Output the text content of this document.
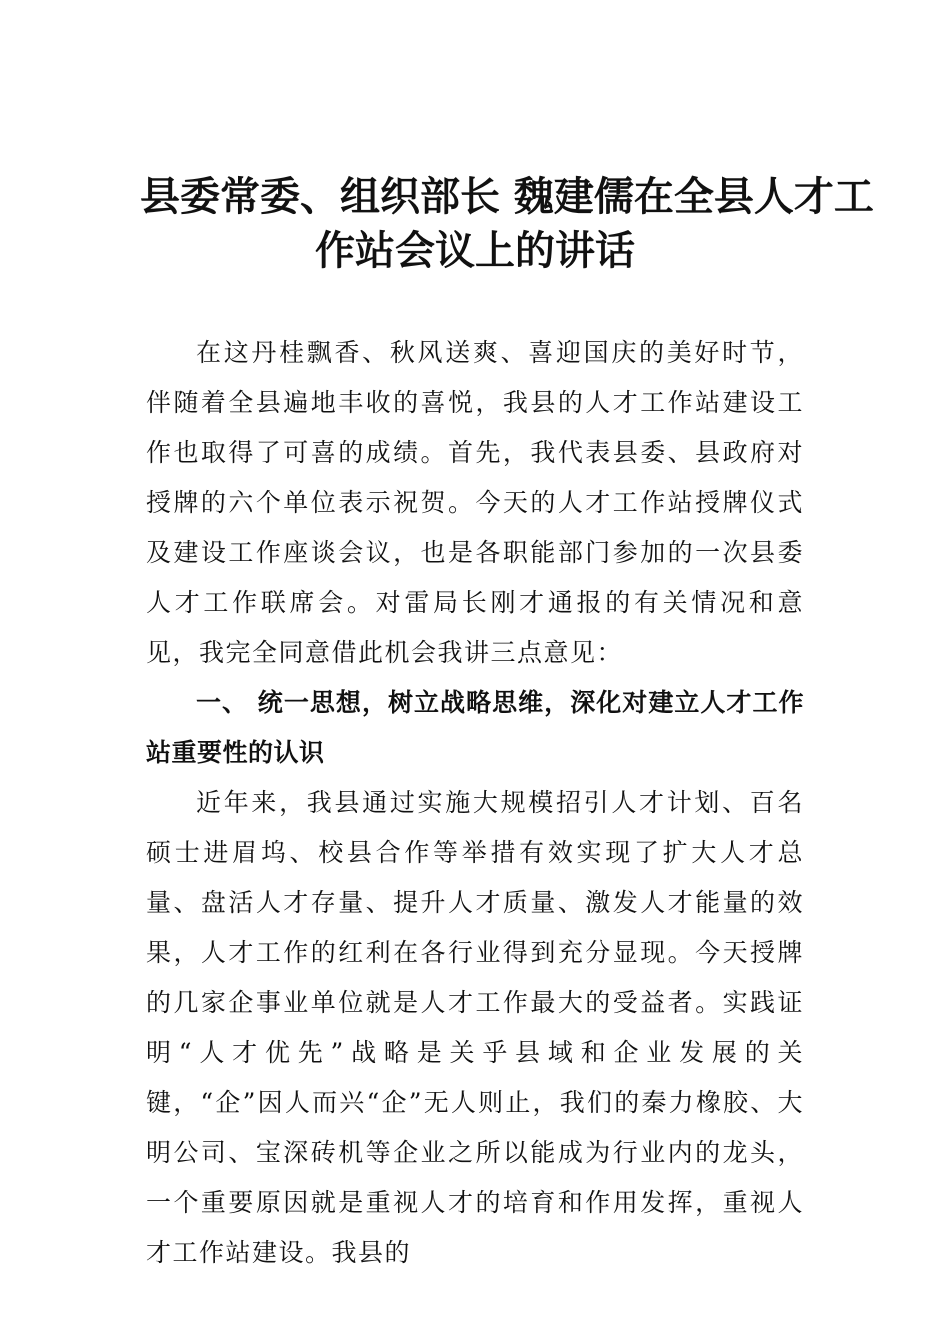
县委常委、组织部长 魏建儒在全县人才工
作站会议上的讲话

在这丹桂飘香、秋风送爽、喜迎国庆的美好时节，伴随着全县遍地丰收的喜悦，我县的人才工作站建设工作也取得了可喜的成绩。首先，我代表县委、县政府对授牌的六个单位表示祝贺。今天的人才工作站授牌仪式及建设工作座谈会议，也是各职能部门参加的一次县委人才工作联席会。对雷局长刚才通报的有关情况和意见，我完全同意借此机会我讲三点意见：

一、 统一思想，树立战略思维，深化对建立人才工作站重要性的认识

近年来，我县通过实施大规模招引人才计划、百名硕士进眉坞、校县合作等举措有效实现了扩大人才总量、盘活人才存量、提升人才质量、激发人才能量的效果，人才工作的红利在各行业得到充分显现。今天授牌的几家企事业单位就是人才工作最大的受益者。实践证明“人才优先”战略是关乎县域和企业发展的关键，“企”因人而兴“企”无人则止，我们的秦力橡胶、大明公司、宝深砖机等企业之所以能成为行业内的龙头，一个重要原因就是重视人才的培育和作用发挥，重视人才工作站建设。我县的
